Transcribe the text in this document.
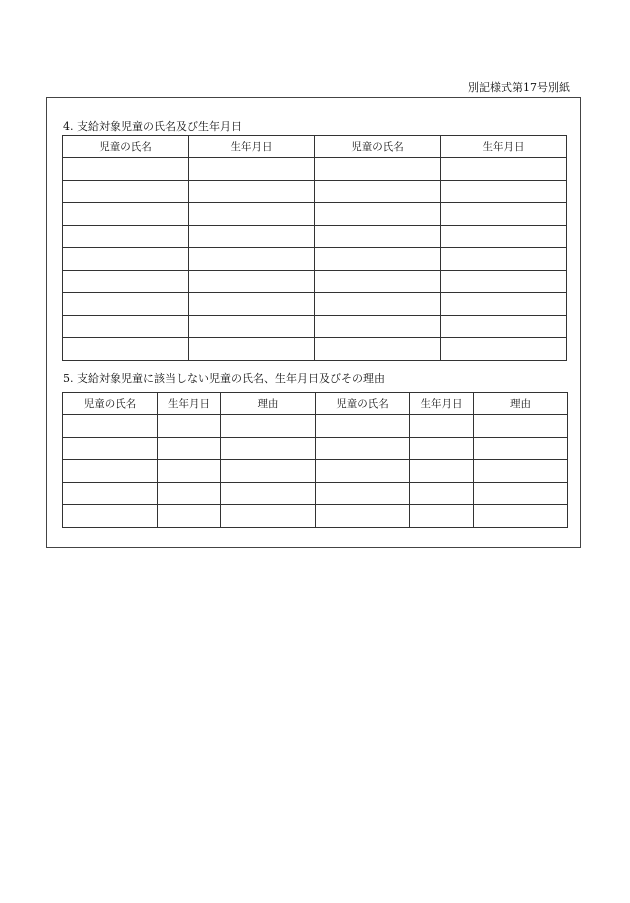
別記様式第17号別紙
4. 支給対象児童の氏名及び生年月日
児童の氏名	生年月日	児童の氏名	生年月日

5. 支給対象児童に該当しない児童の氏名、生年月日及びその理由
児童の氏名	生年月日	理由	児童の氏名	生年月日	理由
